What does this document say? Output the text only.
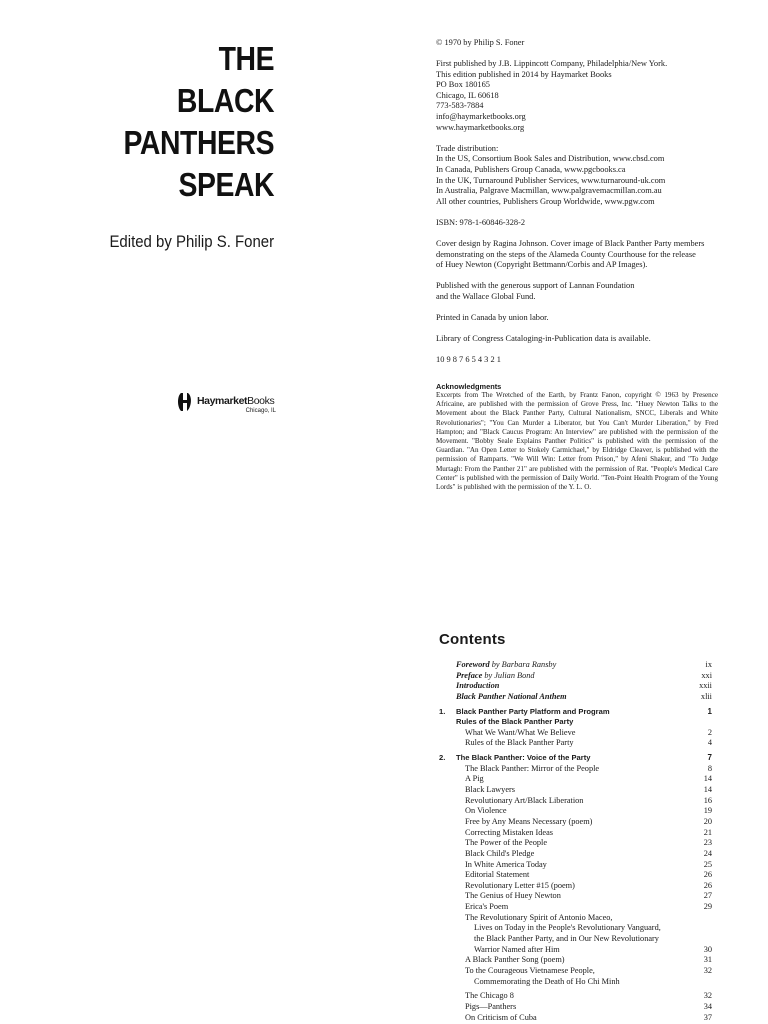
THE
BLACK
PANTHERS
SPEAK
Edited by Philip S. Foner
HaymarketBooks
Chicago, IL

© 1970 by Philip S. Foner

First published by J.B. Lippincott Company, Philadelphia/New York.
This edition published in 2014 by Haymarket Books
PO Box 180165
Chicago, IL 60618
773-583-7884
info@haymarketbooks.org
www.haymarketbooks.org

Trade distribution:
In the US, Consortium Book Sales and Distribution, www.cbsd.com
In Canada, Publishers Group Canada, www.pgcbooks.ca
In the UK, Turnaround Publisher Services, www.turnaround-uk.com
In Australia, Palgrave Macmillan, www.palgravemacmillan.com.au
All other countries, Publishers Group Worldwide, www.pgw.com

ISBN: 978-1-60846-328-2

Cover design by Ragina Johnson. Cover image of Black Panther Party members
demonstrating on the steps of the Alameda County Courthouse for the release
of Huey Newton (Copyright Bettmann/Corbis and AP Images).

Published with the generous support of Lannan Foundation
and the Wallace Global Fund.

Printed in Canada by union labor.

Library of Congress Cataloging-in-Publication data is available.

10 9 8 7 6 5 4 3 2 1

Acknowledgments
Excerpts from The Wretched of the Earth, by Frantz Fanon, copyright © 1963 by Presence Africaine, are published with the permission of Grove Press, Inc. "Huey Newton Talks to the Movement about the Black Panther Party, Cultural Nationalism, SNCC, Liberals and White Revolutionaries"; "You Can Murder a Liberator, but You Can't Murder Liberation," by Fred Hampton; and "Black Caucus Program: An Interview" are published with the permission of the Movement. "Bobby Seale Explains Panther Politics" is published with the permission of the Guardian. "An Open Letter to Stokely Carmichael," by Eldridge Cleaver, is published with the permission of Ramparts. "We Will Win: Letter from Prison," by Afeni Shakur, and "To Judge Murtagh: From the Panther 21" are published with the permission of Rat. "People's Medical Care Center" is published with the permission of Daily World. "Ten-Point Health Program of the Young Lords" is published with the permission of the Y. L. O.
Contents
Foreword by Barbara Ransby	ix
Preface by Julian Bond	xxi
Introduction	xxii
Black Panther National Anthem	xlii
1. Black Panther Party Platform and Program	1
Rules of the Black Panther Party
What We Want/What We Believe	2
Rules of the Black Panther Party	4
2. The Black Panther: Voice of the Party	7
The Black Panther: Mirror of the People	8
A Pig	14
Black Lawyers	14
Revolutionary Art/Black Liberation	16
On Violence	19
Free by Any Means Necessary (poem)	20
Correcting Mistaken Ideas	21
The Power of the People	23
Black Child's Pledge	24
In White America Today	25
Editorial Statement	26
Revolutionary Letter #15 (poem)	26
The Genius of Huey Newton	27
Erica's Poem	29
The Revolutionary Spirit of Antonio Maceo,
Lives on Today in the People's Revolutionary Vanguard,
the Black Panther Party, and in Our New Revolutionary
Warrior Named after Him	30
A Black Panther Song (poem)	31
To the Courageous Vietnamese People,	32
Commemorating the Death of Ho Chi Minh
The Chicago 8	32
Pigs—Panthers	34
On Criticism of Cuba	37
